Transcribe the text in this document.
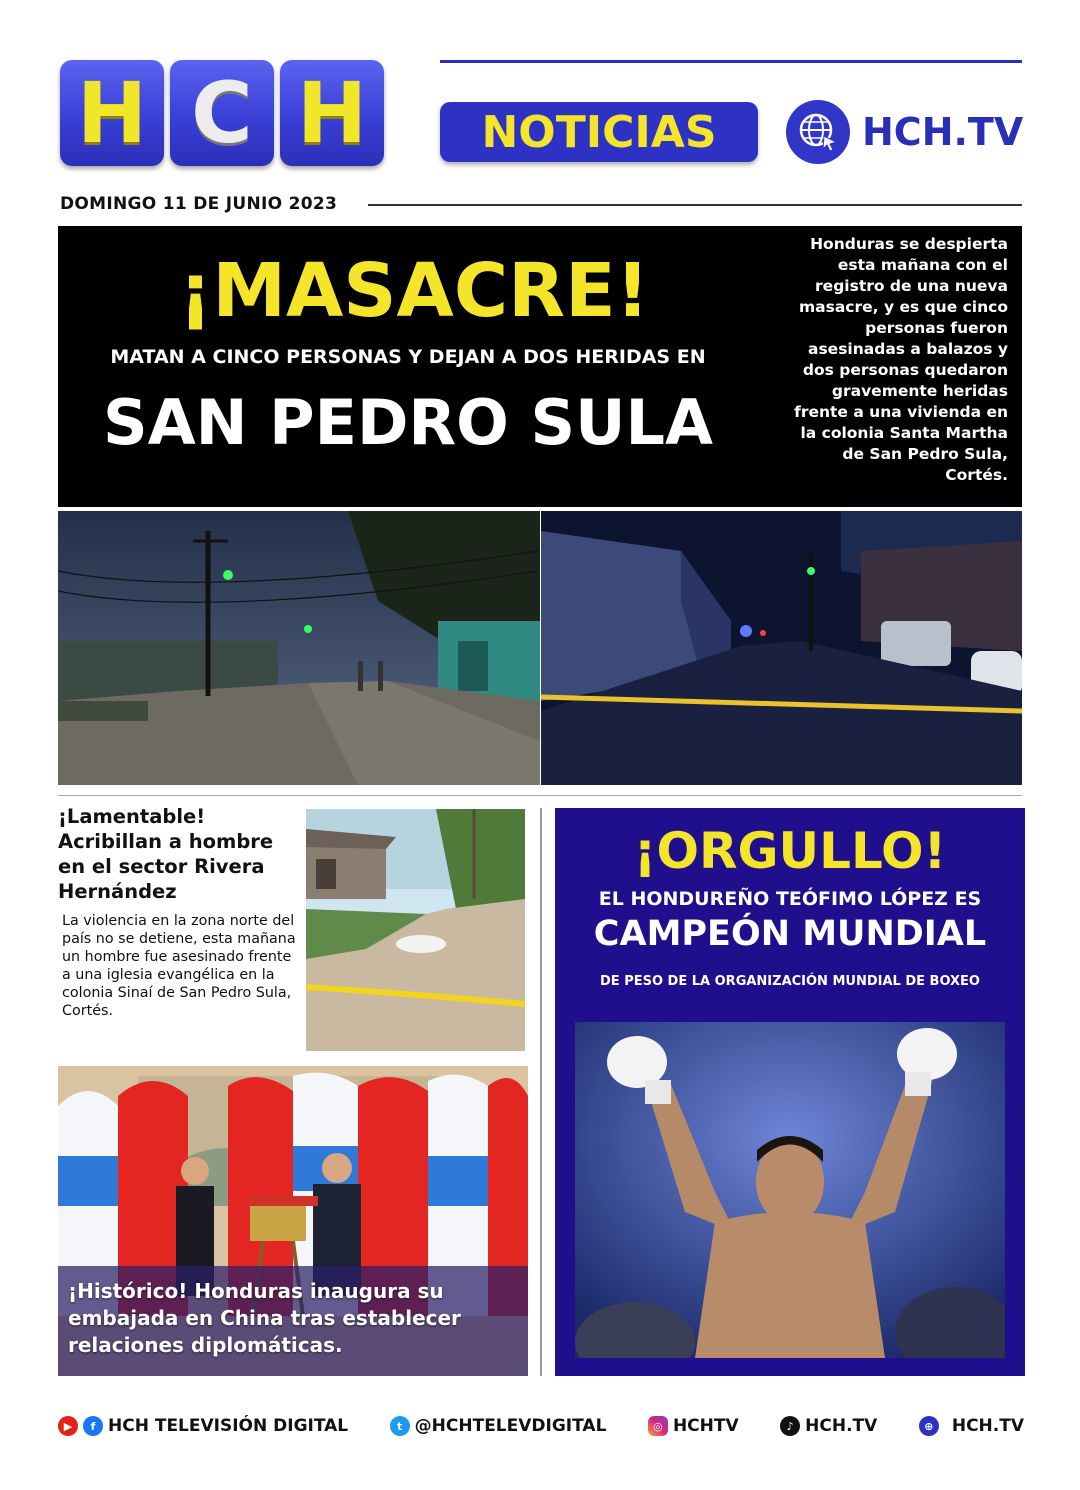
H C H	NOTICIAS	HCH.TV
DOMINGO 11 DE JUNIO 2023
¡MASACRE!
MATAN A CINCO PERSONAS Y DEJAN A DOS HERIDAS EN
SAN PEDRO SULA
Honduras se despierta esta mañana con el registro de una nueva masacre, y es que cinco personas fueron asesinadas a balazos y dos personas quedaron gravemente heridas frente a una vivienda en la colonia Santa Martha de San Pedro Sula, Cortés.
¡Lamentable! Acribillan a hombre en el sector Rivera Hernández
La violencia en la zona norte del país no se detiene, esta mañana un hombre fue asesinado frente a una iglesia evangélica en la colonia Sinaí de San Pedro Sula, Cortés.
¡Histórico! Honduras inaugura su embajada en China tras establecer relaciones diplomáticas.
¡ORGULLO!
EL HONDUREÑO TEÓFIMO LÓPEZ ES
CAMPEÓN MUNDIAL
DE PESO DE LA ORGANIZACIÓN MUNDIAL DE BOXEO
▶	f HCH TELEVISIÓN DIGITAL	t @HCHTELEVDIGITAL	◎ HCHTV	♪ HCH.TV	⊕	HCH.TV
